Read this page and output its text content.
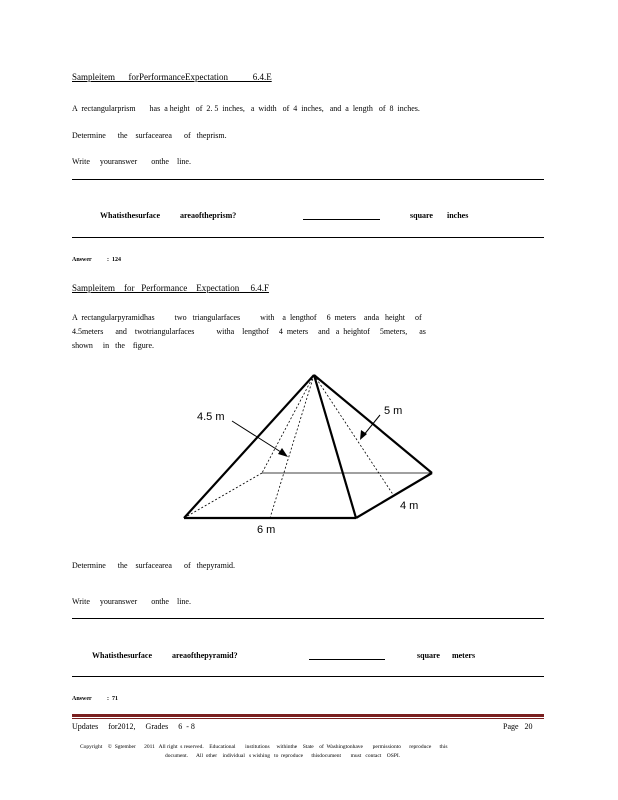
Sampleitem      forPerformanceExpectation           6.4.E
A  rectangularprism       has  a height   of  2. 5  inches,   a  width   of  4  inches,   and  a  length   of  8  inches.
Determine      the    surfacearea      of   theprism.
Write     youranswer       onthe    line.
Whatisthesurface          areaoftheprism?	square       inches
Answer	:  124
Sampleitem    for   Performance    Expectation     6.4.F
A  rectangularpyramidhas          two   triangularfaces          with    a  lengthof     6  meters    anda   height     of
4.5meters      and    twotriangularfaces           witha    lengthof     4  meters     and   a  heightof     5meters,      as
shown     in   the    figure.
4.5 m	5 m
6 m
4 m
Determine      the    surfacearea      of   thepyramid.
Write     youranswer       onthe    line.
Whatisthesurface          areaofthepyramid?	square      meters
Answer	:  71
Updates     for2012,     Grades     6  - 8	Page   20
Copyright    ©  Sgtember      2011   All right  s reserved.    Educational       institutions     withinthe    State    of  Washingtonhave       permissionto      reproduce      this
document.      All  other    individual   s wishing   to  reproduce      thisdocument       must   contact    OSPI.
